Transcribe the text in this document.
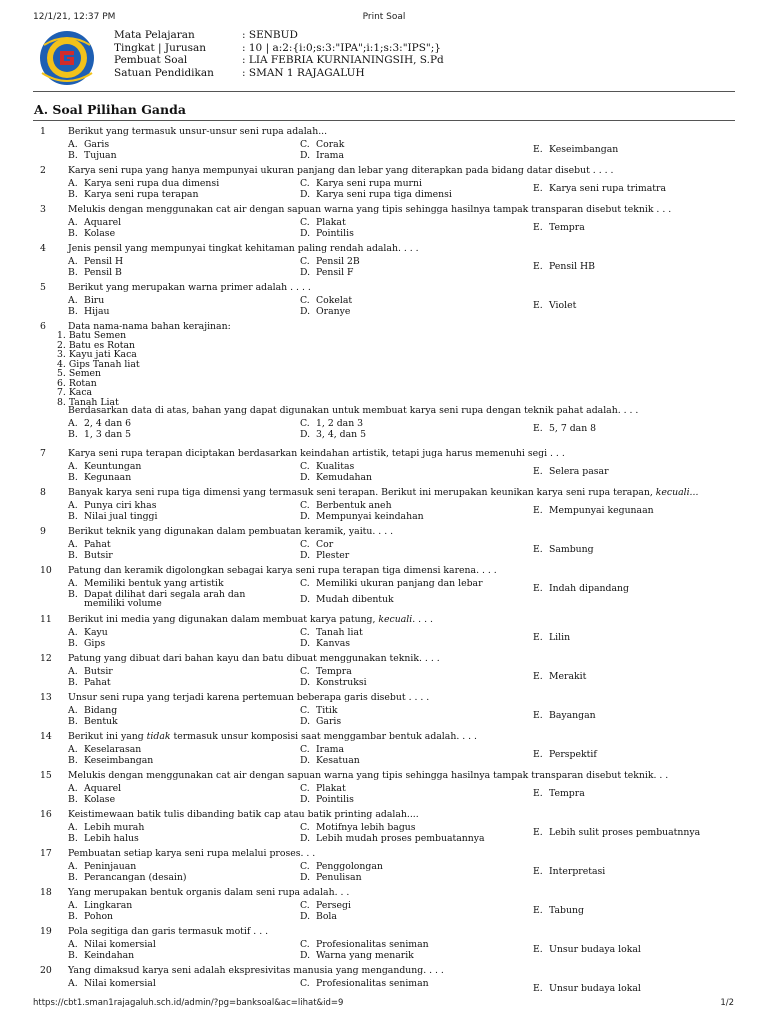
12/1/21, 12:37 PM	Print Soal
Mata Pelajaran	: SENBUD
Tingkat | Jurusan	: 10 | a:2:{i:0;s:3:"IPA";i:1;s:3:"IPS";}
Pembuat Soal	: LIA FEBRIA KURNIANINGSIH, S.Pd
Satuan Pendidikan	: SMAN 1 RAJAGALUH
A. Soal Pilihan Ganda
1 Berikut yang termasuk unsur-unsur seni rupa adalah...
A. Garis
B. Tujuan
C. Corak
D. Irama
E. Keseimbangan
2 Karya seni rupa yang hanya mempunyai ukuran panjang dan lebar yang diterapkan pada bidang datar disebut . . . .
A. Karya seni rupa dua dimensi
B. Karya seni rupa terapan
C. Karya seni rupa murni
D. Karya seni rupa tiga dimensi
E. Karya seni rupa trimatra
3 Melukis dengan menggunakan cat air dengan sapuan warna yang tipis sehingga hasilnya tampak transparan disebut teknik . . .
A. Aquarel
B. Kolase
C. Plakat
D. Pointilis
E. Tempra
4 Jenis pensil yang mempunyai tingkat kehitaman paling rendah adalah. . . .
A. Pensil H
B. Pensil B
C. Pensil 2B
D. Pensil F
E. Pensil HB
5 Berikut yang merupakan warna primer adalah . . . .
A. Biru
B. Hijau
C. Cokelat
D. Oranye
E. Violet
6 Data nama-nama bahan kerajinan:
1. Batu Semen
2. Batu es Rotan
3. Kayu jati Kaca
4. Gips Tanah liat
5. Semen
6. Rotan
7. Kaca
8. Tanah Liat
Berdasarkan data di atas, bahan yang dapat digunakan untuk membuat karya seni rupa dengan teknik pahat adalah. . . .
A. 2, 4 dan 6
B. 1, 3 dan 5
C. 1, 2 dan 3
D. 3, 4, dan 5
E. 5, 7 dan 8
7 Karya seni rupa terapan diciptakan berdasarkan keindahan artistik, tetapi juga harus memenuhi segi . . .
A. Keuntungan
B. Kegunaan
C. Kualitas
D. Kemudahan
E. Selera pasar
8 Banyak karya seni rupa tiga dimensi yang termasuk seni terapan. Berikut ini merupakan keunikan karya seni rupa terapan, kecuali...
A. Punya ciri khas
B. Nilai jual tinggi
C. Berbentuk aneh
D. Mempunyai keindahan
E. Mempunyai kegunaan
9 Berikut teknik yang digunakan dalam pembuatan keramik, yaitu. . . .
A. Pahat
B. Butsir
C. Cor
D. Plester
E. Sambung
10 Patung dan keramik digolongkan sebagai karya seni rupa terapan tiga dimensi karena. . . .
A. Memiliki bentuk yang artistik
B. Dapat dilihat dari segala arah dan
memiliki volume
C. Memiliki ukuran panjang dan lebar
D. Mudah dibentuk
E. Indah dipandang
11 Berikut ini media yang digunakan dalam membuat karya patung, kecuali. . . .
A. Kayu
B. Gips
C. Tanah liat
D. Kanvas
E. Lilin
12 Patung yang dibuat dari bahan kayu dan batu dibuat menggunakan teknik. . . .
A. Butsir
B. Pahat
C. Tempra
D. Konstruksi
E. Merakit
13 Unsur seni rupa yang terjadi karena pertemuan beberapa garis disebut . . . .
A. Bidang
B. Bentuk
C. Titik
D. Garis
E. Bayangan
14 Berikut ini yang tidak termasuk unsur komposisi saat menggambar bentuk adalah. . . .
A. Keselarasan
B. Keseimbangan
C. Irama
D. Kesatuan
E. Perspektif
15 Melukis dengan menggunakan cat air dengan sapuan warna yang tipis sehingga hasilnya tampak transparan disebut teknik. . .
A. Aquarel
B. Kolase
C. Plakat
D. Pointilis
E. Tempra
16 Keistimewaan batik tulis dibanding batik cap atau batik printing adalah....
A. Lebih murah
B. Lebih halus
C. Motifnya lebih bagus
D. Lebih mudah proses pembuatannya
E. Lebih sulit proses pembuatnnya
17 Pembuatan setiap karya seni rupa melalui proses. . .
A. Peninjauan
B. Perancangan (desain)
C. Penggolongan
D. Penulisan
E. Interpretasi
18 Yang merupakan bentuk organis dalam seni rupa adalah. . .
A. Lingkaran
B. Pohon
C. Persegi
D. Bola
E. Tabung
19 Pola segitiga dan garis termasuk motif . . .
A. Nilai komersial
B. Keindahan
C. Profesionalitas seniman
D. Warna yang menarik
E. Unsur budaya lokal
20 Yang dimaksud karya seni adalah ekspresivitas manusia yang mengandung. . . .
A. Nilai komersial	C. Profesionalitas seniman	E. Unsur budaya lokal
https://cbt1.sman1rajagaluh.sch.id/admin/?pg=banksoal&ac=lihat&id=9	1/2
